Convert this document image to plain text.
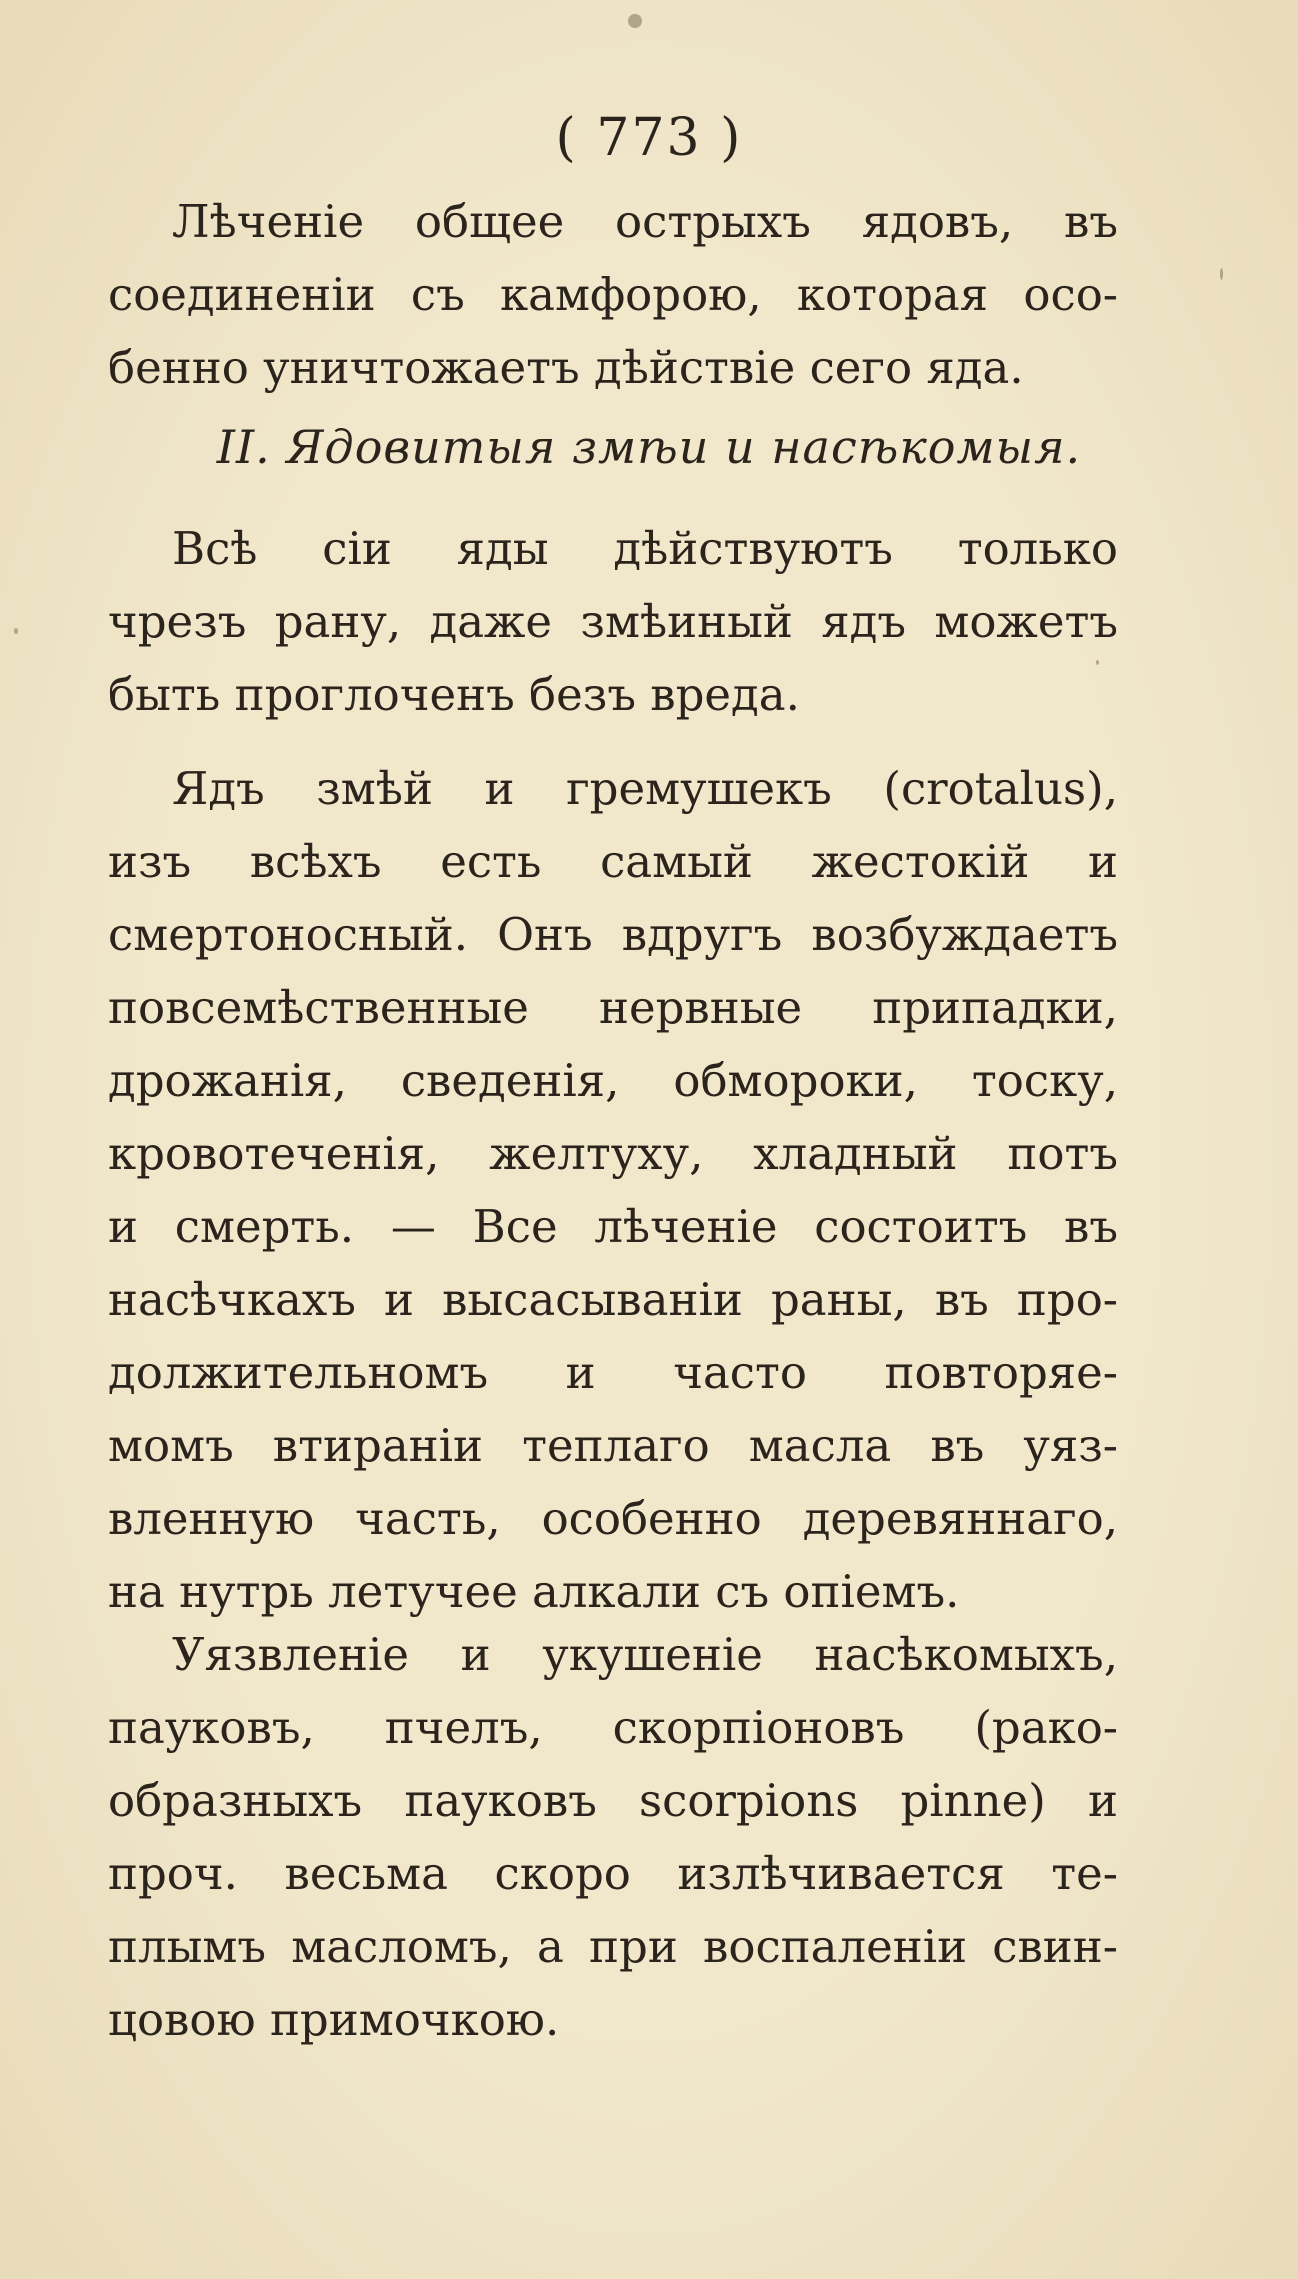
( 773 )

Лѣченіе общее острыхъ ядовъ, въ
соединеніи съ камфорою, которая осо-
бенно уничтожаетъ дѣйствіе сего яда.

II. Ядовитыя змѣи и насѣкомыя.

Всѣ сіи яды дѣйствуютъ только
чрезъ рану, даже змѣиный ядъ можетъ
быть проглоченъ безъ вреда.

Ядъ змѣй и гремушекъ (crotalus),
изъ всѣхъ есть самый жестокій и
смертоносный. Онъ вдругъ возбуждаетъ
повсемѣственные нервные припадки,
дрожанія, сведенія, обмороки, тоску,
кровотеченія, желтуху, хладный потъ
и смерть. — Все лѣченіе состоитъ въ
насѣчкахъ и высасываніи раны, въ про-
должительномъ и часто повторяе-
момъ втираніи теплаго масла въ уяз-
вленную часть, особенно деревяннаго,
на нутрь летучее алкали съ опіемъ.

Уязвленіе и укушеніе насѣкомыхъ,
пауковъ, пчелъ, скорпіоновъ (рако-
образныхъ пауковъ scorpions pinne) и
проч. весьма скоро излѣчивается те-
плымъ масломъ, а при воспаленіи свин-
цовою примочкою.
